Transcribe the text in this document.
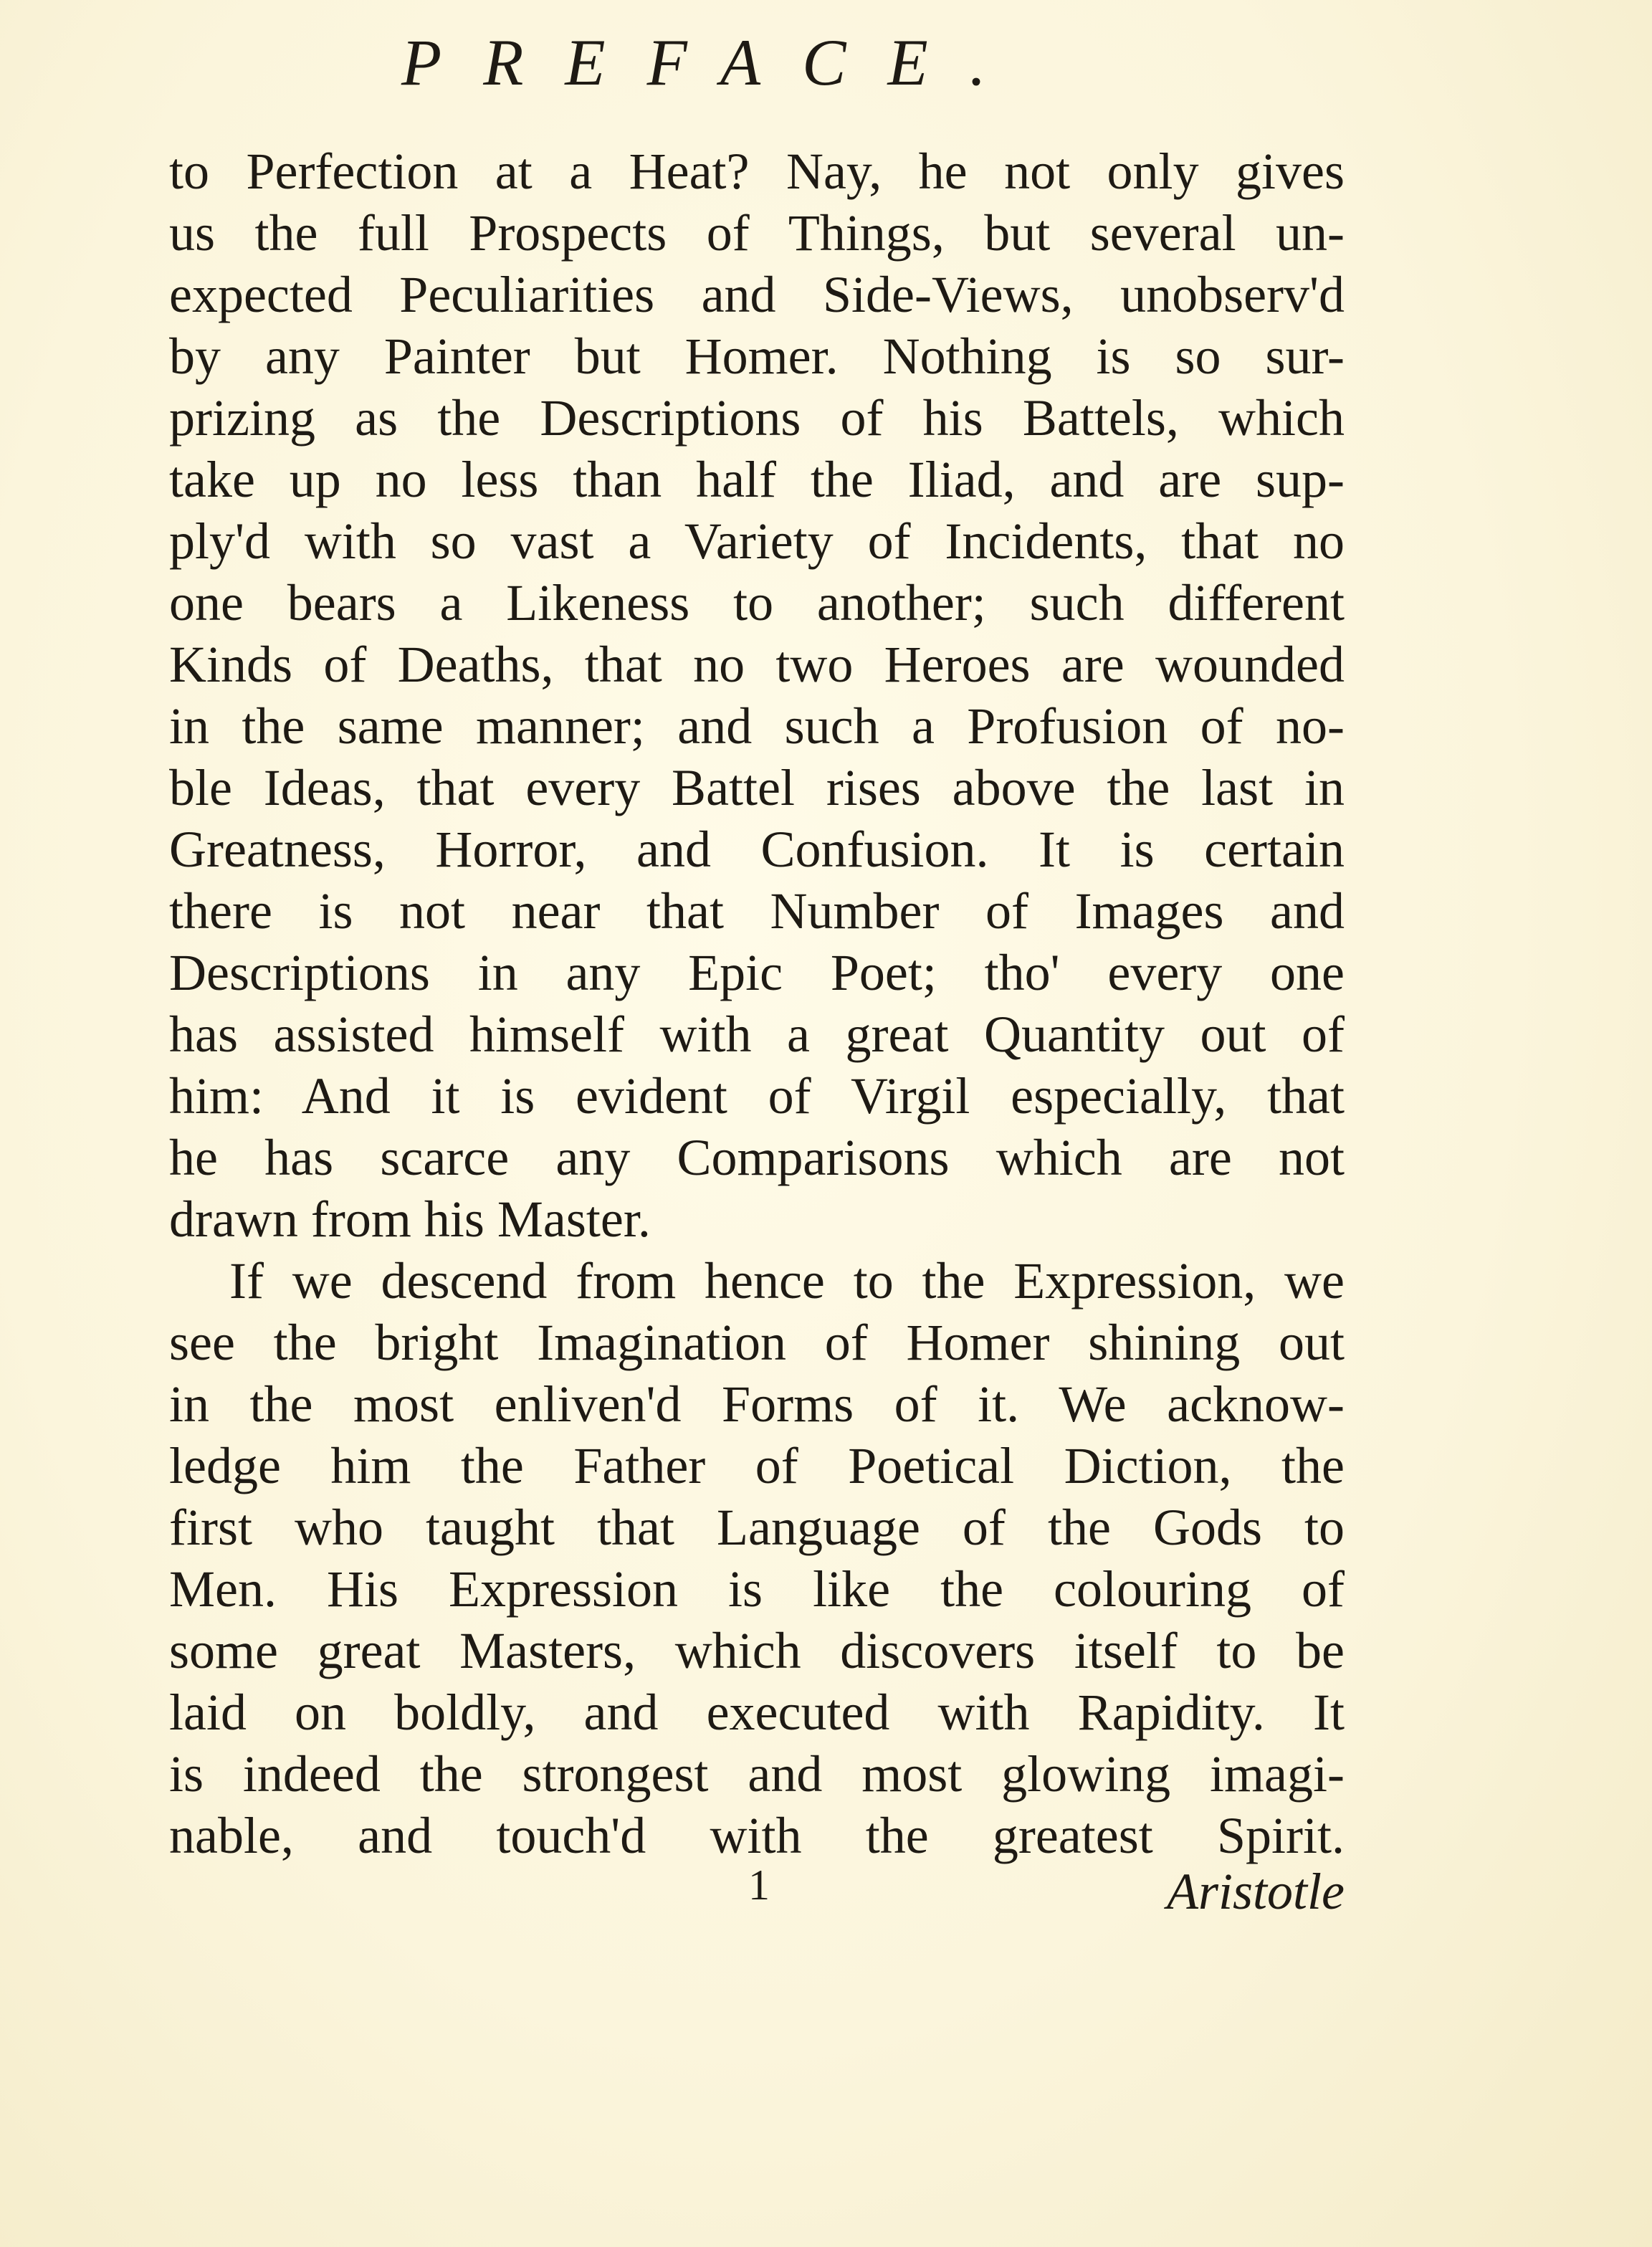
PREFACE.
to Perfection at a Heat? Nay, he not only gives
us the full Prospects of Things, but several un-
expected Peculiarities and Side-Views, unobserv'd
by any Painter but Homer. Nothing is so sur-
prizing as the Descriptions of his Battels, which
take up no less than half the Iliad, and are sup-
ply'd with so vast a Variety of Incidents, that no
one bears a Likeness to another; such different
Kinds of Deaths, that no two Heroes are wounded
in the same manner; and such a Profusion of no-
ble Ideas, that every Battel rises above the last in
Greatness, Horror, and Confusion. It is certain
there is not near that Number of Images and
Descriptions in any Epic Poet; tho' every one
has assisted himself with a great Quantity out of
him: And it is evident of Virgil especially, that
he has scarce any Comparisons which are not
drawn from his Master.
If we descend from hence to the Expression, we
see the bright Imagination of Homer shining out
in the most enliven'd Forms of it. We acknow-
ledge him the Father of Poetical Diction, the
first who taught that Language of the Gods to
Men. His Expression is like the colouring of
some great Masters, which discovers itself to be
laid on boldly, and executed with Rapidity. It
is indeed the strongest and most glowing imagi-
nable, and touch'd with the greatest Spirit.
1	Aristotle
